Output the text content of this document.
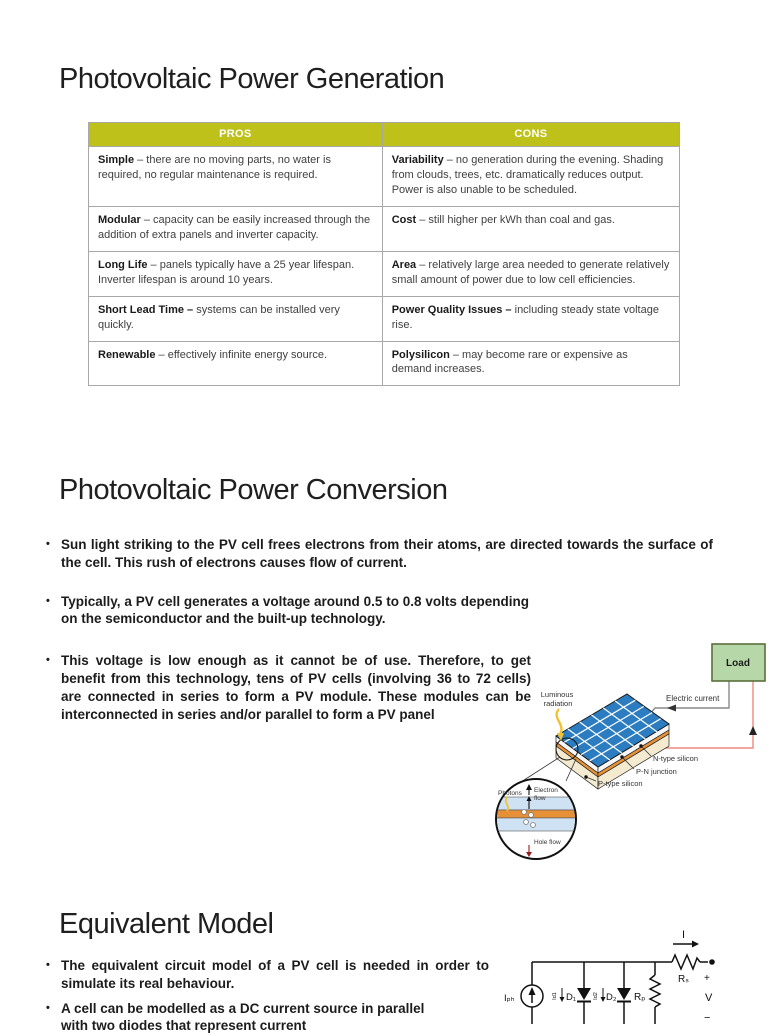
Photovoltaic Power Generation
PROS	CONS
Simple – there are no moving parts, no water is required, no regular maintenance is required.	Variability – no generation during the evening. Shading from clouds, trees, etc. dramatically reduces output. Power is also unable to be scheduled.
Modular – capacity can be easily increased through the addition of extra panels and inverter capacity.	Cost – still higher per kWh than coal and gas.
Long Life – panels typically have a 25 year lifespan. Inverter lifespan is around 10 years.	Area – relatively large area needed to generate relatively small amount of power due to low cell efficiencies.
Short Lead Time – systems can be installed very quickly.	Power Quality Issues – including steady state voltage rise.
Renewable – effectively infinite energy source.	Polysilicon – may become rare or expensive as demand increases.
Photovoltaic Power Conversion
• Sun light striking to the PV cell frees electrons from their atoms, are directed towards the surface of the cell. This rush of electrons causes flow of current.
• Typically, a PV cell generates a voltage around 0.5 to 0.8 volts depending on the semiconductor and the built-up technology.
• This voltage is low enough as it cannot be of use. Therefore, to get benefit from this technology, tens of PV cells (involving 36 to 72 cells) are connected in series to form a PV module. These modules can be interconnected in series and/or parallel to form a PV panel
Load
Electric current
Luminous
radiation
N-type silicon
P-N junction
P-type silicon
Photons Electron
flow
Hole flow
Equivalent Model
• The equivalent circuit model of a PV cell is needed in order to simulate its real behaviour.
• A cell can be modelled as a DC current source in parallel
with two diodes that represent current
I
Rₛ
Rₚ
Iₚₕ	D₁	D₂
Id1	Id2
+
V
−
